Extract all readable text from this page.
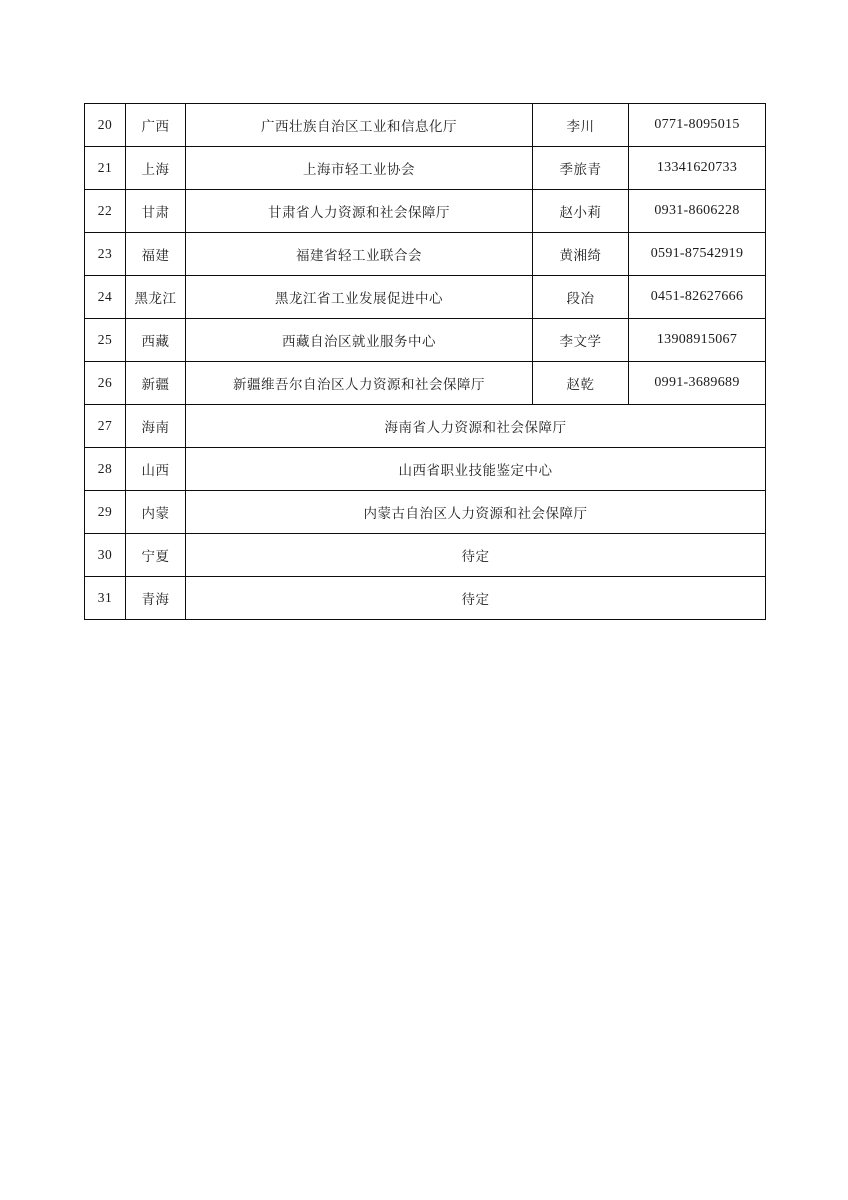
20	广西	广西壮族自治区工业和信息化厅	李川	0771-8095015
21	上海	上海市轻工业协会	季旅青	13341620733
22	甘肃	甘肃省人力资源和社会保障厅	赵小莉	0931-8606228
23	福建	福建省轻工业联合会	黄湘绮	0591-87542919
24	黑龙江	黑龙江省工业发展促进中心	段冶	0451-82627666
25	西藏	西藏自治区就业服务中心	李文学	13908915067
26	新疆	新疆维吾尔自治区人力资源和社会保障厅	赵乾	0991-3689689
27	海南	海南省人力资源和社会保障厅		
28	山西	山西省职业技能鉴定中心		
29	内蒙	内蒙古自治区人力资源和社会保障厅		
30	宁夏	待定		
31	青海	待定		
